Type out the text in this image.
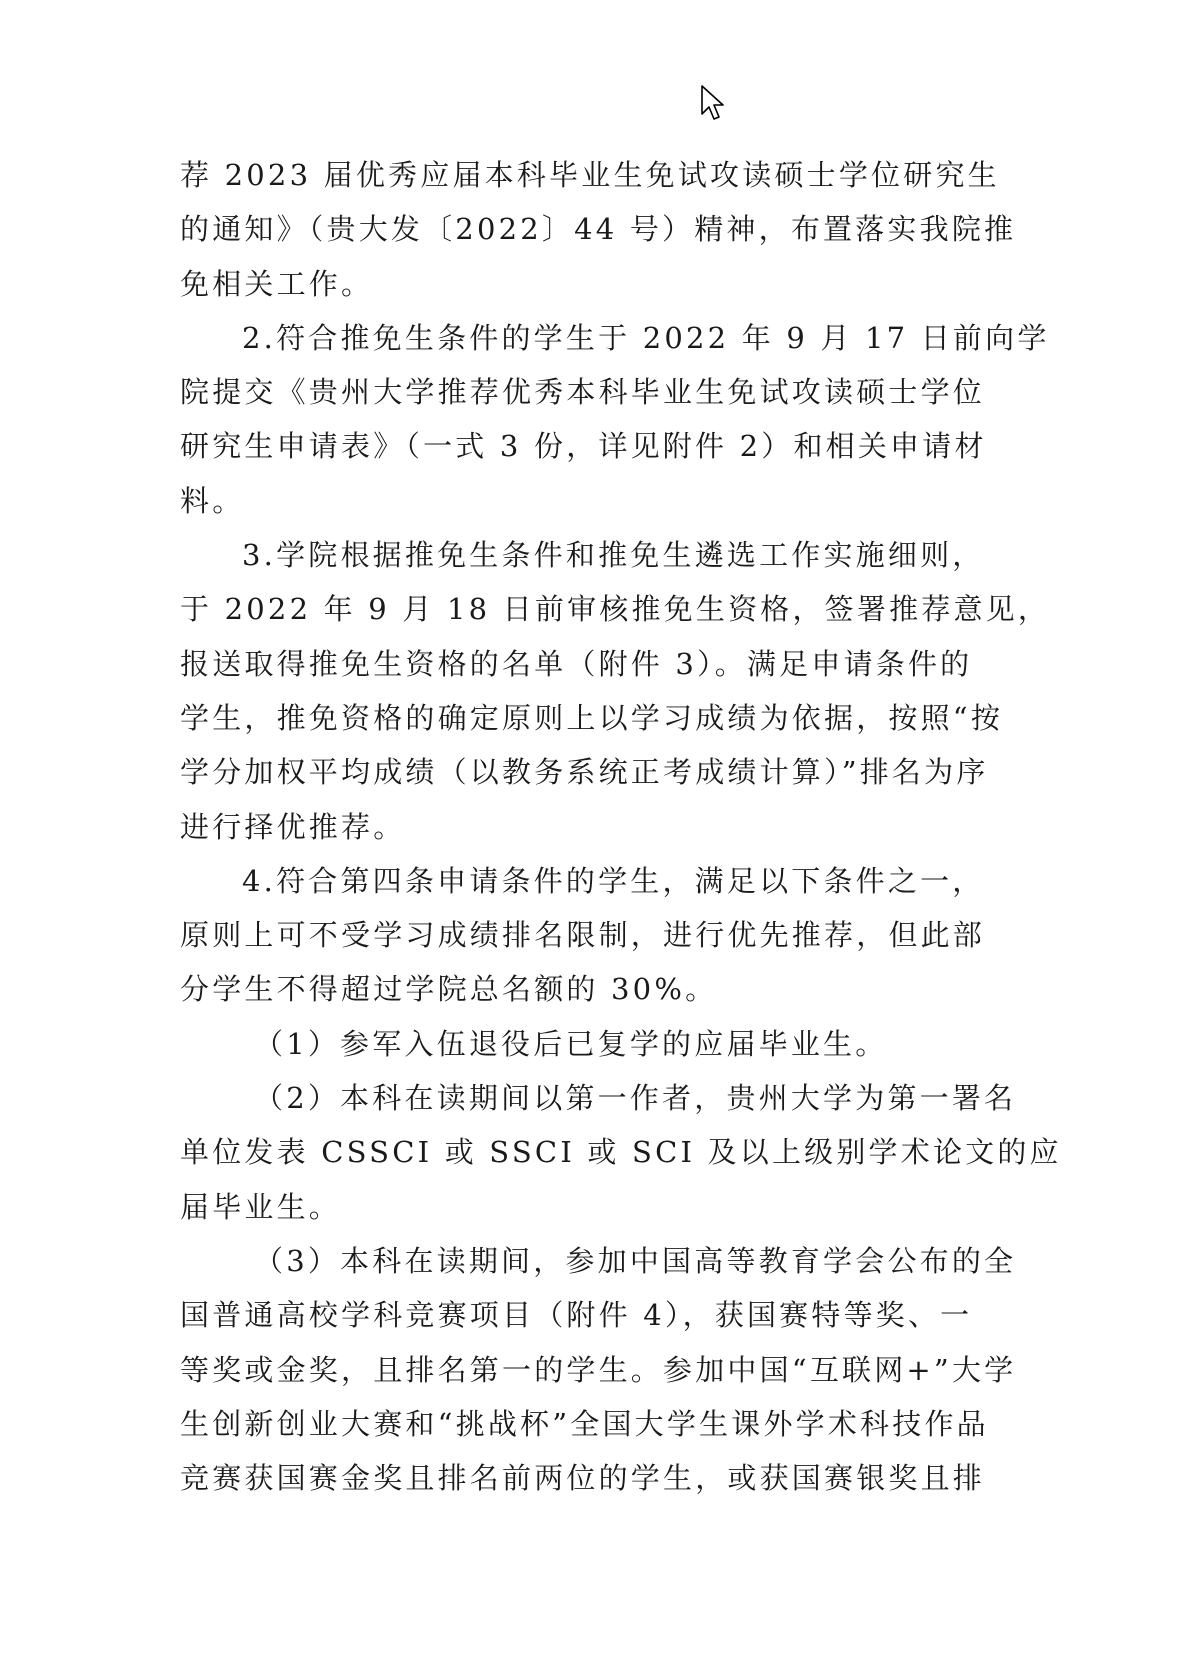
荐 2023 届优秀应届本科毕业生免试攻读硕士学位研究生
的通知》（贵大发〔2022〕44 号）精神，布置落实我院推
免相关工作。
2.符合推免生条件的学生于 2022 年 9 月 17 日前向学
院提交《贵州大学推荐优秀本科毕业生免试攻读硕士学位
研究生申请表》（一式 3 份，详见附件 2）和相关申请材
料。
3.学院根据推免生条件和推免生遴选工作实施细则，
于 2022 年 9 月 18 日前审核推免生资格，签署推荐意见，
报送取得推免生资格的名单（附件 3）。满足申请条件的
学生，推免资格的确定原则上以学习成绩为依据，按照“按
学分加权平均成绩（以教务系统正考成绩计算）”排名为序
进行择优推荐。
4.符合第四条申请条件的学生，满足以下条件之一，
原则上可不受学习成绩排名限制，进行优先推荐，但此部
分学生不得超过学院总名额的 30%。
（1）参军入伍退役后已复学的应届毕业生。
（2）本科在读期间以第一作者，贵州大学为第一署名
单位发表 CSSCI 或 SSCI 或 SCI 及以上级别学术论文的应
届毕业生。
（3）本科在读期间，参加中国高等教育学会公布的全
国普通高校学科竞赛项目（附件 4），获国赛特等奖、一
等奖或金奖，且排名第一的学生。参加中国“互联网+”大学
生创新创业大赛和“挑战杯”全国大学生课外学术科技作品
竞赛获国赛金奖且排名前两位的学生，或获国赛银奖且排
